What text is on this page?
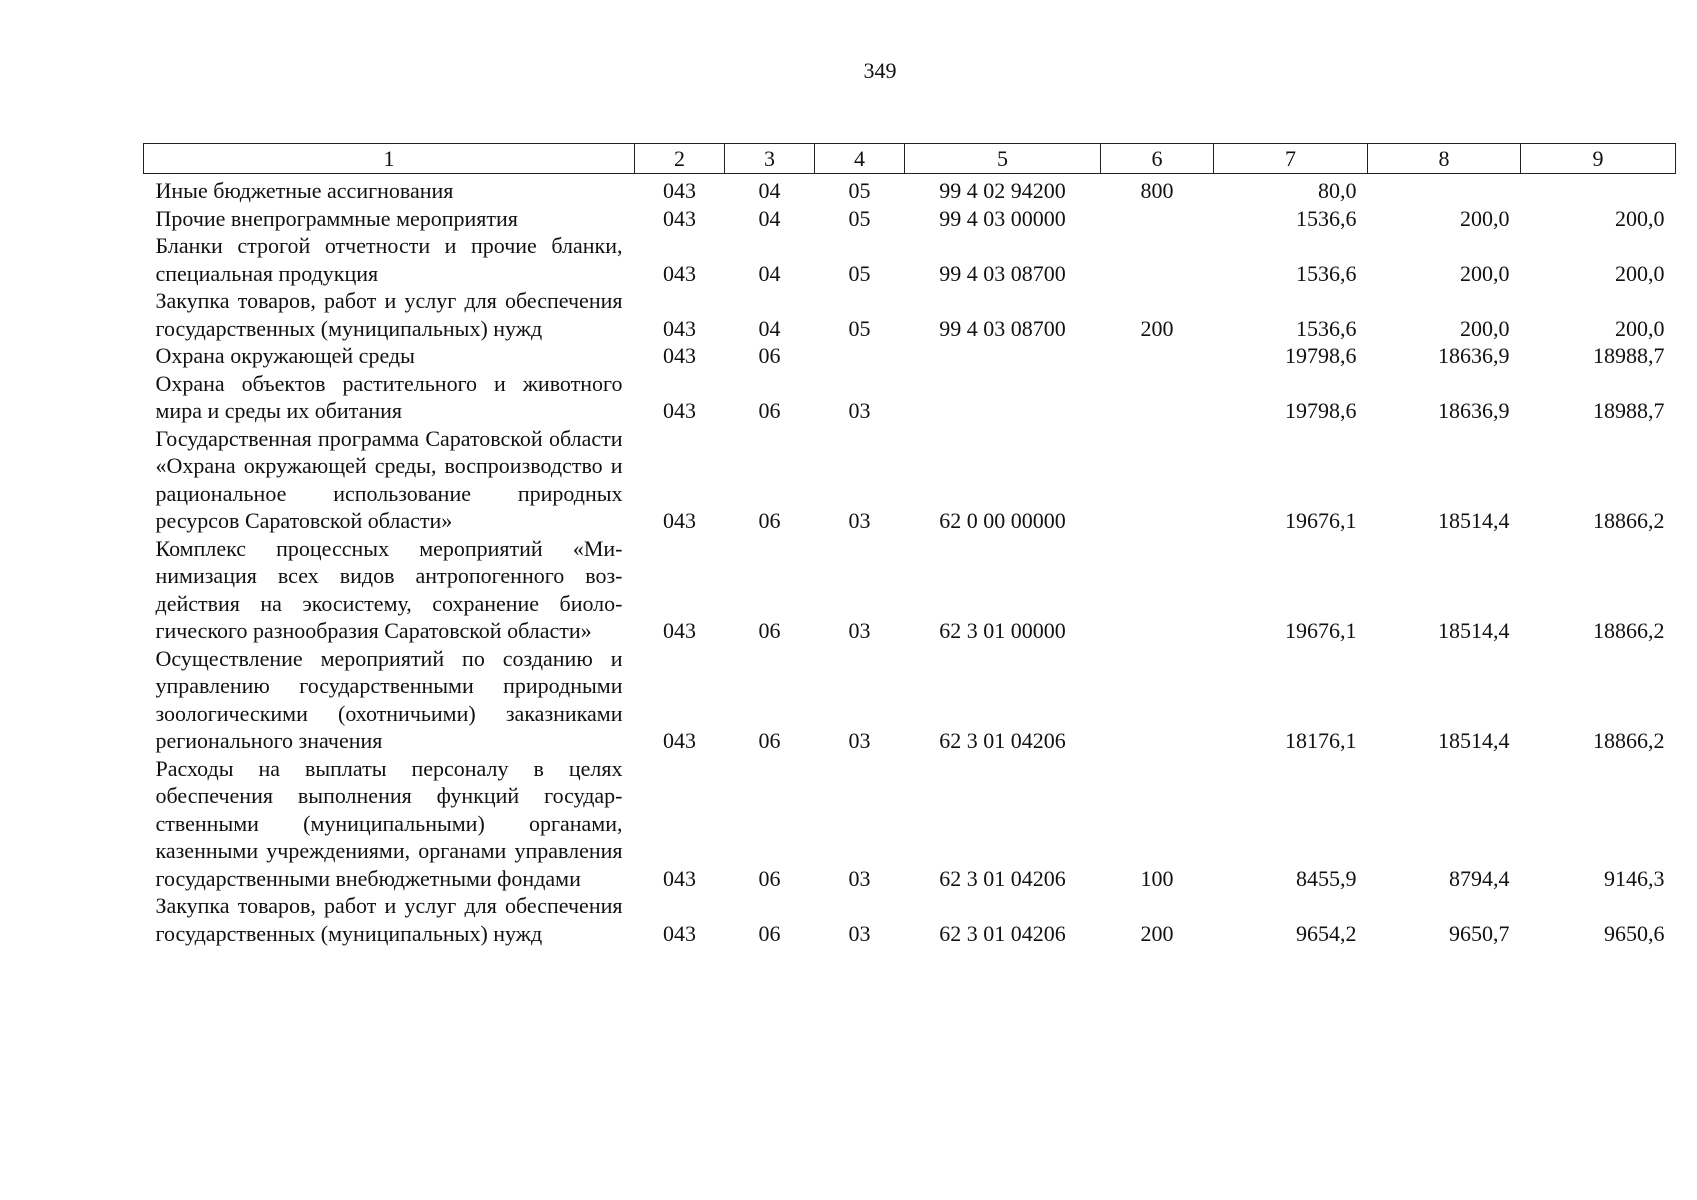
349
1	2	3	4	5	6	7	8	9
Иные бюджетные ассигнования	043	04	05	99 4 02 94200	800	80,0		
Прочие внепрограммные мероприятия	043	04	05	99 4 03 00000		1536,6	200,0	200,0
Бланки строгой отчетности и прочие бланки, специальная продукция	043	04	05	99 4 03 08700		1536,6	200,0	200,0
Закупка товаров, работ и услуг для обеспечения государственных (муниципальных) нужд	043	04	05	99 4 03 08700	200	1536,6	200,0	200,0
Охрана окружающей среды	043	06				19798,6	18636,9	18988,7
Охрана объектов растительного и животного мира и среды их обитания	043	06	03			19798,6	18636,9	18988,7
Государственная программа Саратовской области «Охрана окружающей среды, воспроизводство и рациональное использование природных ресурсов Саратовской области»	043	06	03	62 0 00 00000		19676,1	18514,4	18866,2
Комплекс процессных мероприятий «Минимизация всех видов антропогенного воздействия на экосистему, сохранение биологического разнообразия Саратовской области»	043	06	03	62 3 01 00000		19676,1	18514,4	18866,2
Осуществление мероприятий по созданию и управлению государственными природными зоологическими (охотничьими) заказниками регионального значения	043	06	03	62 3 01 04206		18176,1	18514,4	18866,2
Расходы на выплаты персоналу в целях обеспечения выполнения функций государственными (муниципальными) органами, казенными учреждениями, органами управления государственными внебюджетными фондами	043	06	03	62 3 01 04206	100	8455,9	8794,4	9146,3
Закупка товаров, работ и услуг для обеспечения государственных (муниципальных) нужд	043	06	03	62 3 01 04206	200	9654,2	9650,7	9650,6
